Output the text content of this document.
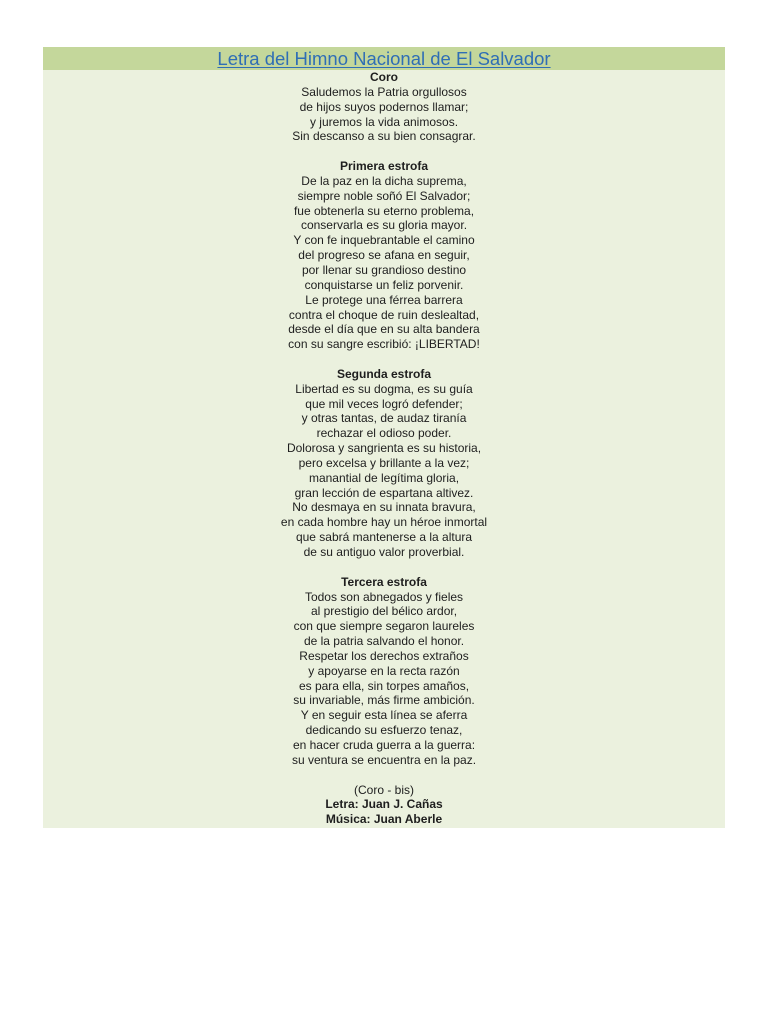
Letra del Himno Nacional de El Salvador
Coro
Saludemos la Patria orgullosos
de hijos suyos podernos llamar;
y juremos la vida animosos.
Sin descanso a su bien consagrar.
Primera estrofa
De la paz en la dicha suprema,
siempre noble soñó El Salvador;
fue obtenerla su eterno problema,
conservarla es su gloria mayor.
Y con fe inquebrantable el camino
del progreso se afana en seguir,
por llenar su grandioso destino
conquistarse un feliz porvenir.
Le protege una férrea barrera
contra el choque de ruin deslealtad,
desde el día que en su alta bandera
con su sangre escribió: ¡LIBERTAD!
Segunda estrofa
Libertad es su dogma, es su guía
que mil veces logró defender;
y otras tantas, de audaz tiranía
rechazar el odioso poder.
Dolorosa y sangrienta es su historia,
pero excelsa y brillante a la vez;
manantial de legítima gloria,
gran lección de espartana altivez.
No desmaya en su innata bravura,
en cada hombre hay un héroe inmortal
que sabrá mantenerse a la altura
de su antiguo valor proverbial.
Tercera estrofa
Todos son abnegados y fieles
al prestigio del bélico ardor,
con que siempre segaron laureles
de la patria salvando el honor.
Respetar los derechos extraños
y apoyarse en la recta razón
es para ella, sin torpes amaños,
su invariable, más firme ambición.
Y en seguir esta línea se aferra
dedicando su esfuerzo tenaz,
en hacer cruda guerra a la guerra:
su ventura se encuentra en la paz.
(Coro - bis)
Letra: Juan J. Cañas
Música: Juan Aberle
